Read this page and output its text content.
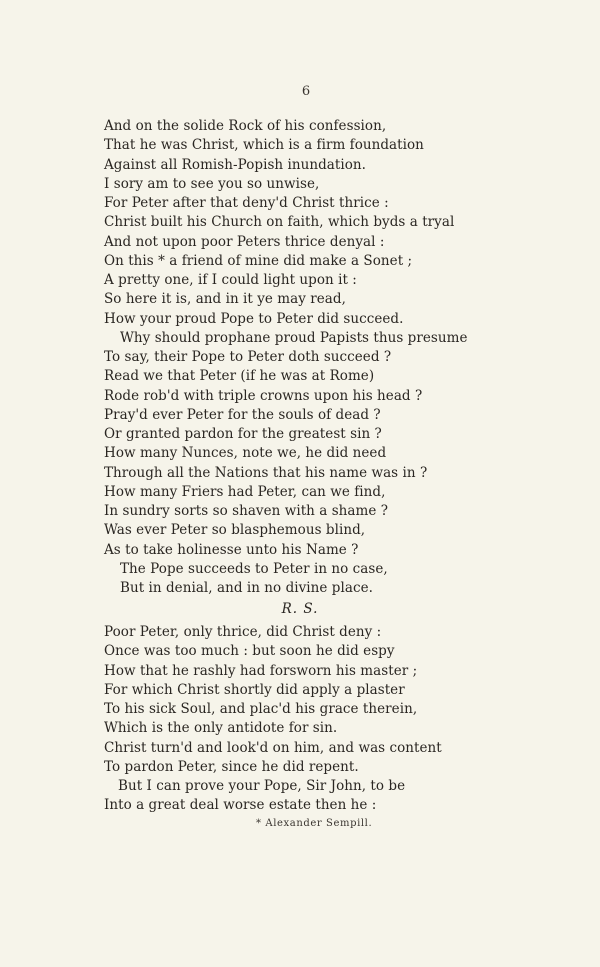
6
And on the solide Rock of his confession,
That he was Christ, which is a firm foundation
Against all Romish-Popish inundation.
I sory am to see you so unwise,
For Peter after that deny'd Christ thrice :
Christ built his Church on faith, which byds a tryal
And not upon poor Peters thrice denyal :
On this * a friend of mine did make a Sonet ;
A pretty one, if I could light upon it :
So here it is, and in it ye may read,
How your proud Pope to Peter did succeed.
Why should prophane proud Papists thus presume
To say, their Pope to Peter doth succeed ?
Read we that Peter (if he was at Rome)
Rode rob'd with triple crowns upon his head ?
Pray'd ever Peter for the souls of dead ?
Or granted pardon for the greatest sin ?
How many Nunces, note we, he did need
Through all the Nations that his name was in ?
How many Friers had Peter, can we find,
In sundry sorts so shaven with a shame ?
Was ever Peter so blasphemous blind,
As to take holinesse unto his Name ?
The Pope succeeds to Peter in no case,
But in denial, and in no divine place.
R. S.
Poor Peter, only thrice, did Christ deny :
Once was too much : but soon he did espy
How that he rashly had forsworn his master ;
For which Christ shortly did apply a plaster
To his sick Soul, and plac'd his grace therein,
Which is the only antidote for sin.
Christ turn'd and look'd on him, and was content
To pardon Peter, since he did repent.
But I can prove your Pope, Sir John, to be
Into a great deal worse estate then he :
* Alexander Sempill.
